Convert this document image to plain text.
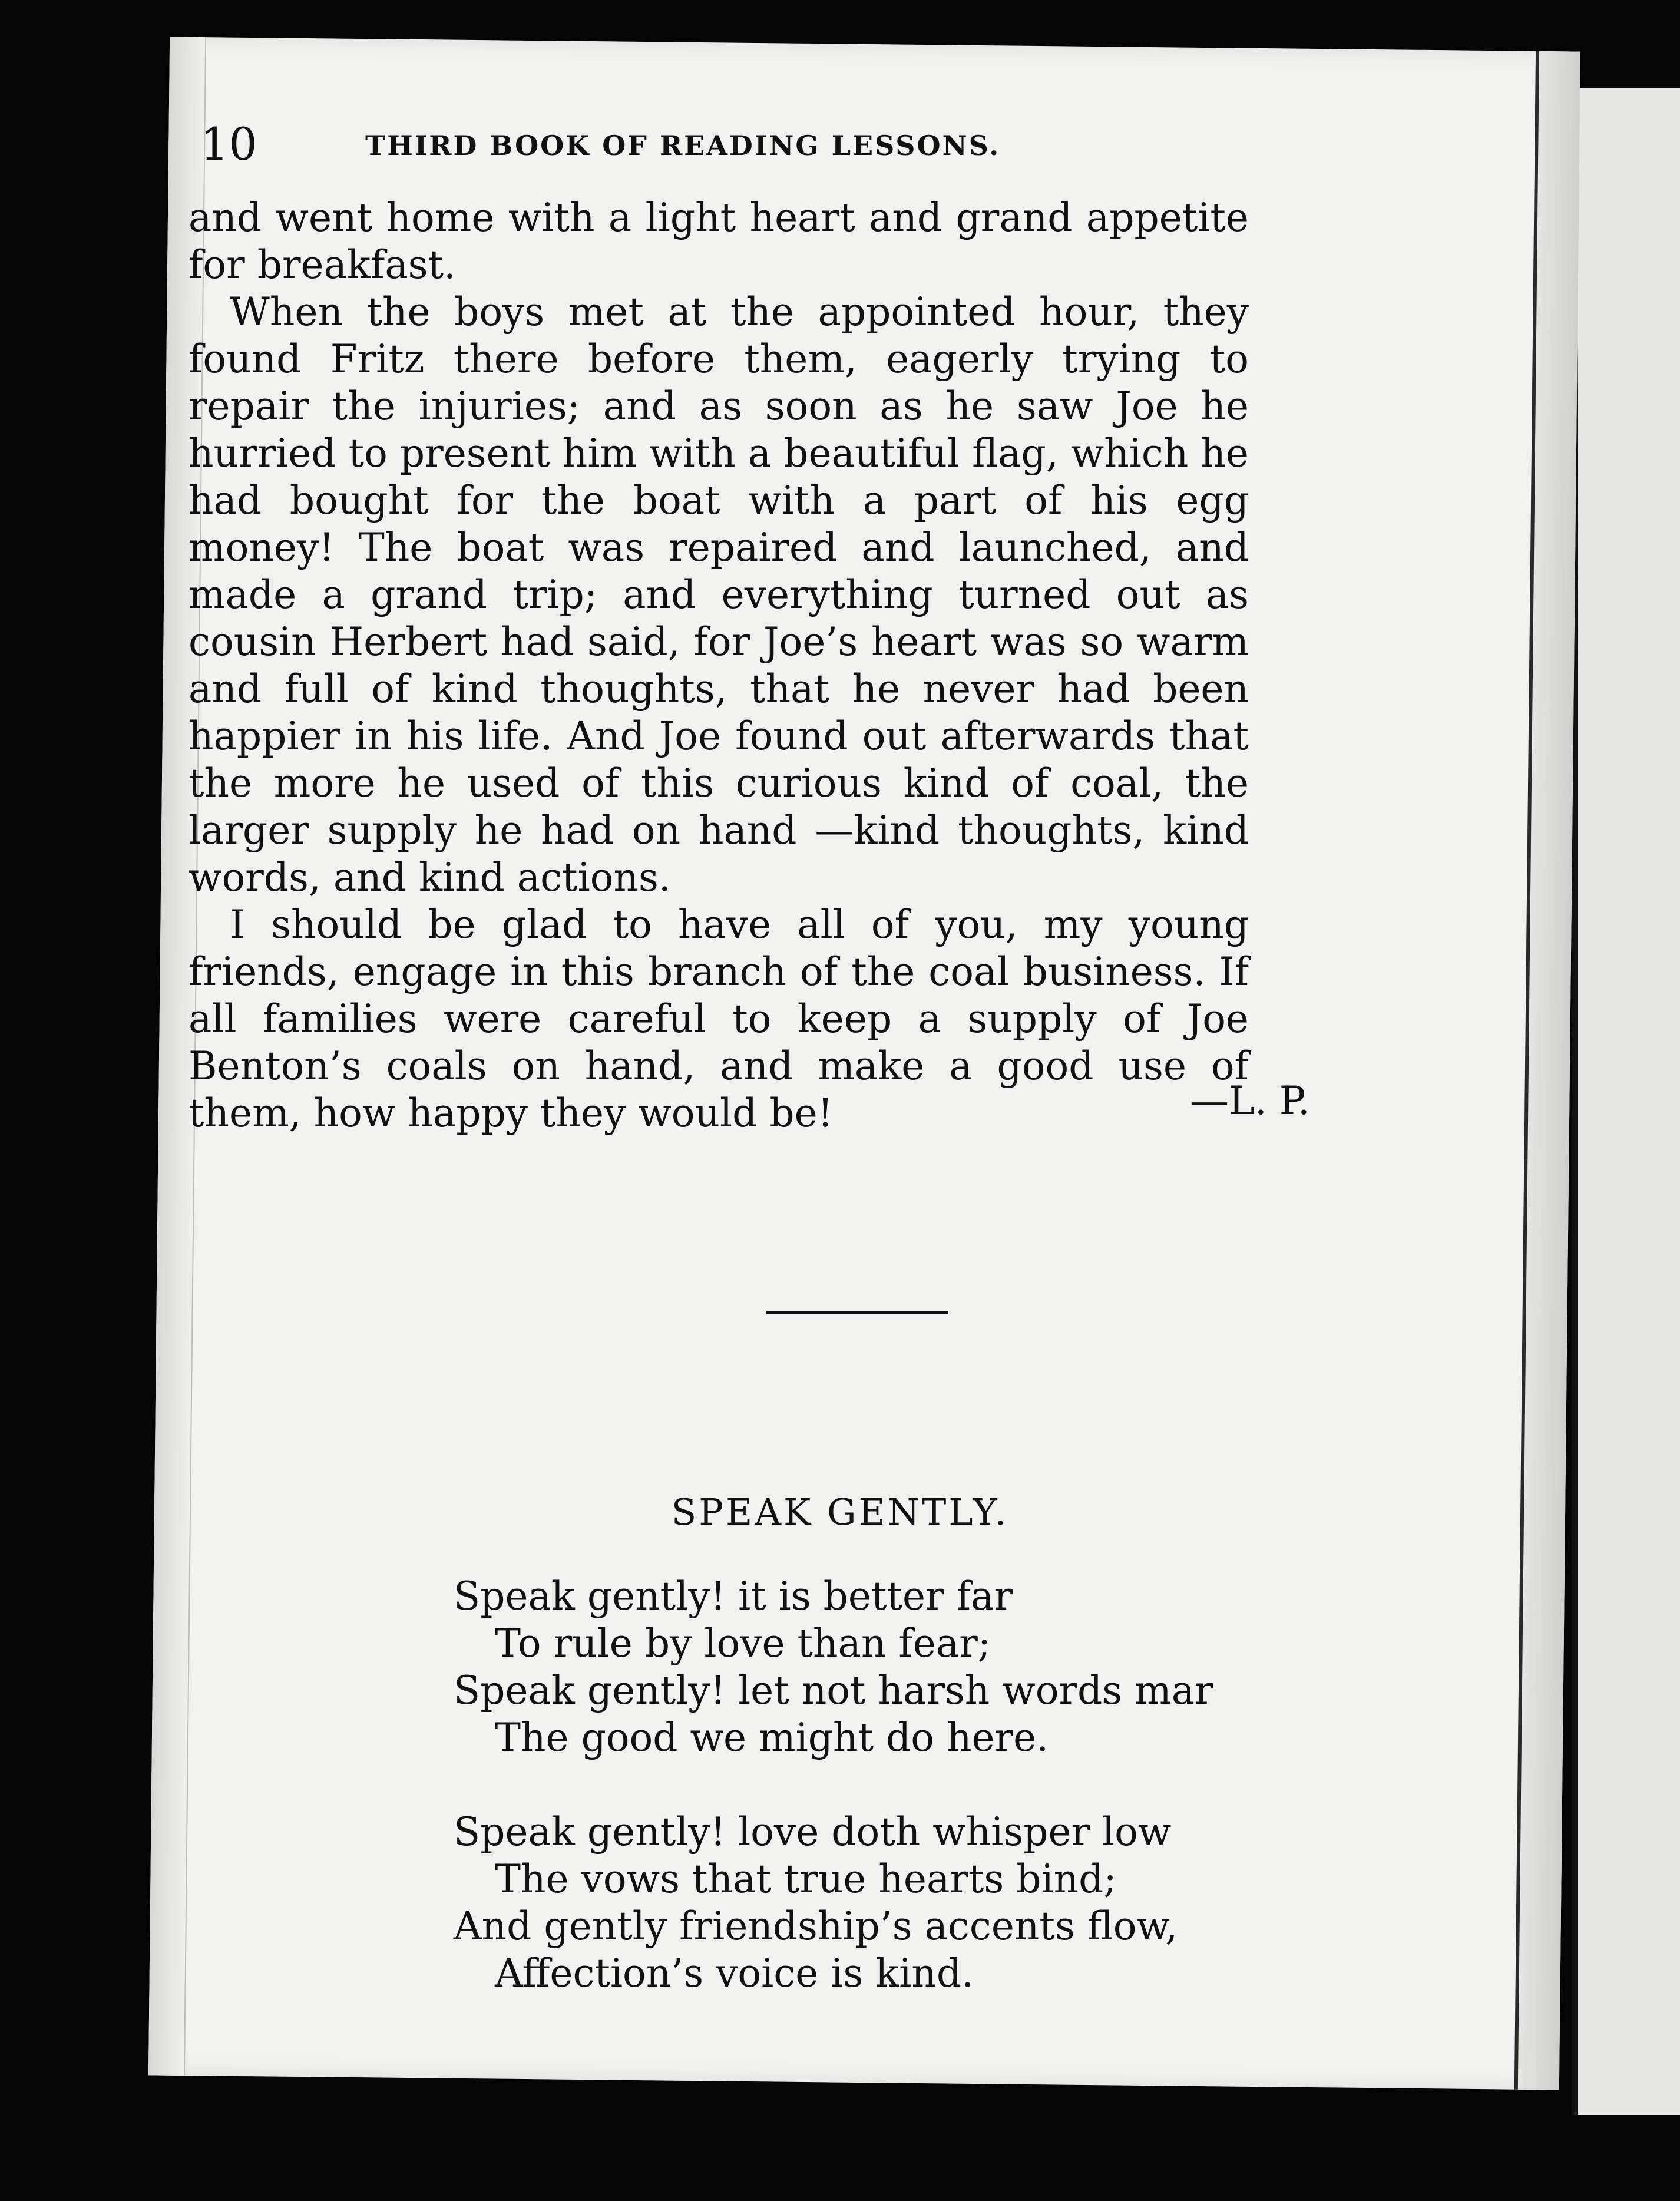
10	THIRD BOOK OF READING LESSONS.

and went home with a light heart and grand appetite for breakfast.

When the boys met at the appointed hour, they found Fritz there before them, eagerly trying to repair the injuries; and as soon as he saw Joe he hurried to present him with a beautiful flag, which he had bought for the boat with a part of his egg money! The boat was repaired and launched, and made a grand trip; and everything turned out as cousin Herbert had said, for Joe’s heart was so warm and full of kind thoughts, that he never had been happier in his life. And Joe found out afterwards that the more he used of this curious kind of coal, the larger supply he had on hand —kind thoughts, kind words, and kind actions.

I should be glad to have all of you, my young friends, engage in this branch of the coal business. If all families were careful to keep a supply of Joe Benton’s coals on hand, and make a good use of them, how happy they would be!	—L. P.
SPEAK GENTLY.
Speak gently! it is better far
To rule by love than fear;
Speak gently! let not harsh words mar
The good we might do here.
Speak gently! love doth whisper low
The vows that true hearts bind;
And gently friendship’s accents flow,
Affection’s voice is kind.
